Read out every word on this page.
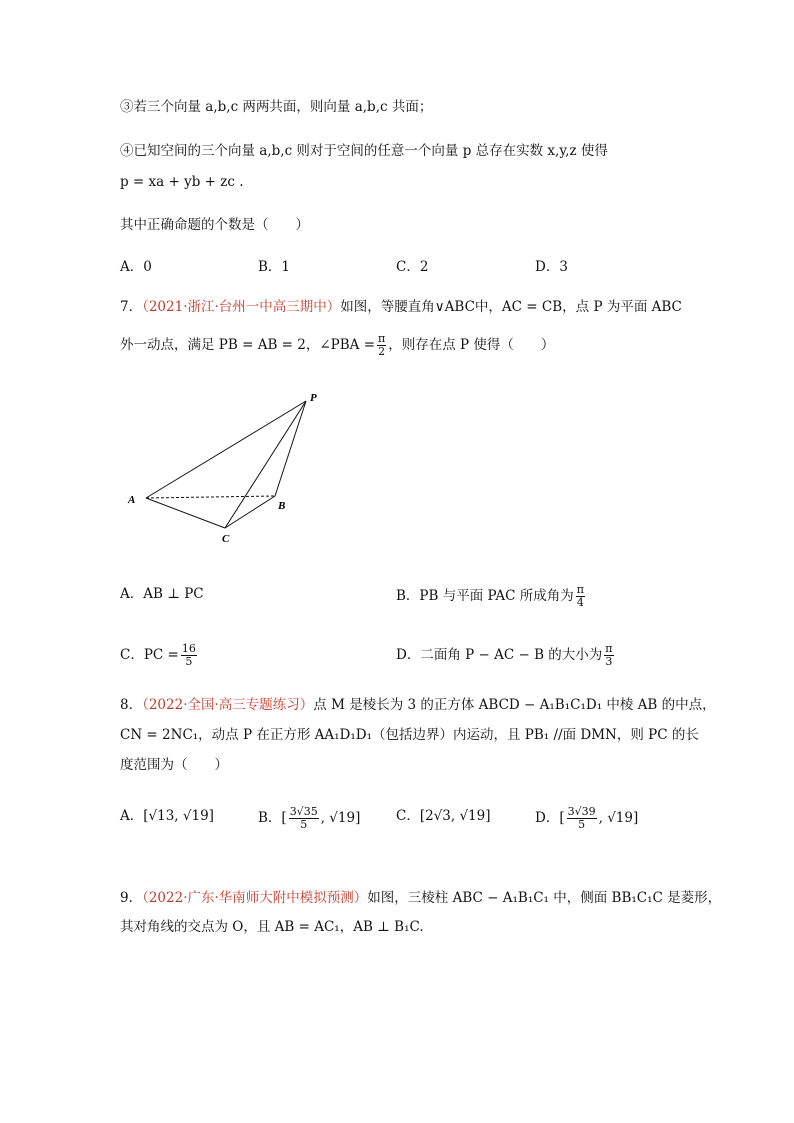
③若三个向量 a,b,c 两两共面，则向量 a,b,c 共面；
④已知空间的三个向量 a,b,c 则对于空间的任意一个向量 p 总存在实数 x,y,z 使得
p = xa + yb + zc .
其中正确命题的个数是（　　）
A．0	B．1	C．2	D．3
7．（2021·浙江·台州一中高三期中）如图，等腰直角∨ABC中，AC = CB，点 P 为平面 ABC
外一动点，满足 PB = AB = 2，∠PBA = $\frac{\pi}{2}$ ，则存在点 P 使得（　　）
P
A	B
C
A．AB ⊥ PC	B．PB 与平面 PAC 所成角为 $\frac{\pi}{4}$
C．PC = $\frac{16}{5}$	D．二面角 P − AC − B 的大小为 $\frac{\pi}{3}$
8．（2022·全国·高三专题练习）点 M 是棱长为 3 的正方体 ABCD − A₁B₁C₁D₁ 中棱 AB 的中点，
CN = 2NC₁，动点 P 在正方形 AA₁D₁D₁（包括边界）内运动，且 PB₁ //面 DMN，则 PC 的长
度范围为（　　）
A．[√13, √19]	B．[ $\frac{3√35}{5}$ , √19]	C．[2√3, √19]	D．[ $\frac{3√39}{5}$ , √19]
9．（2022·广东·华南师大附中模拟预测）如图，三棱柱 ABC − A₁B₁C₁ 中，侧面 BB₁C₁C 是菱形，
其对角线的交点为 O，且 AB = AC₁，AB ⊥ B₁C.
